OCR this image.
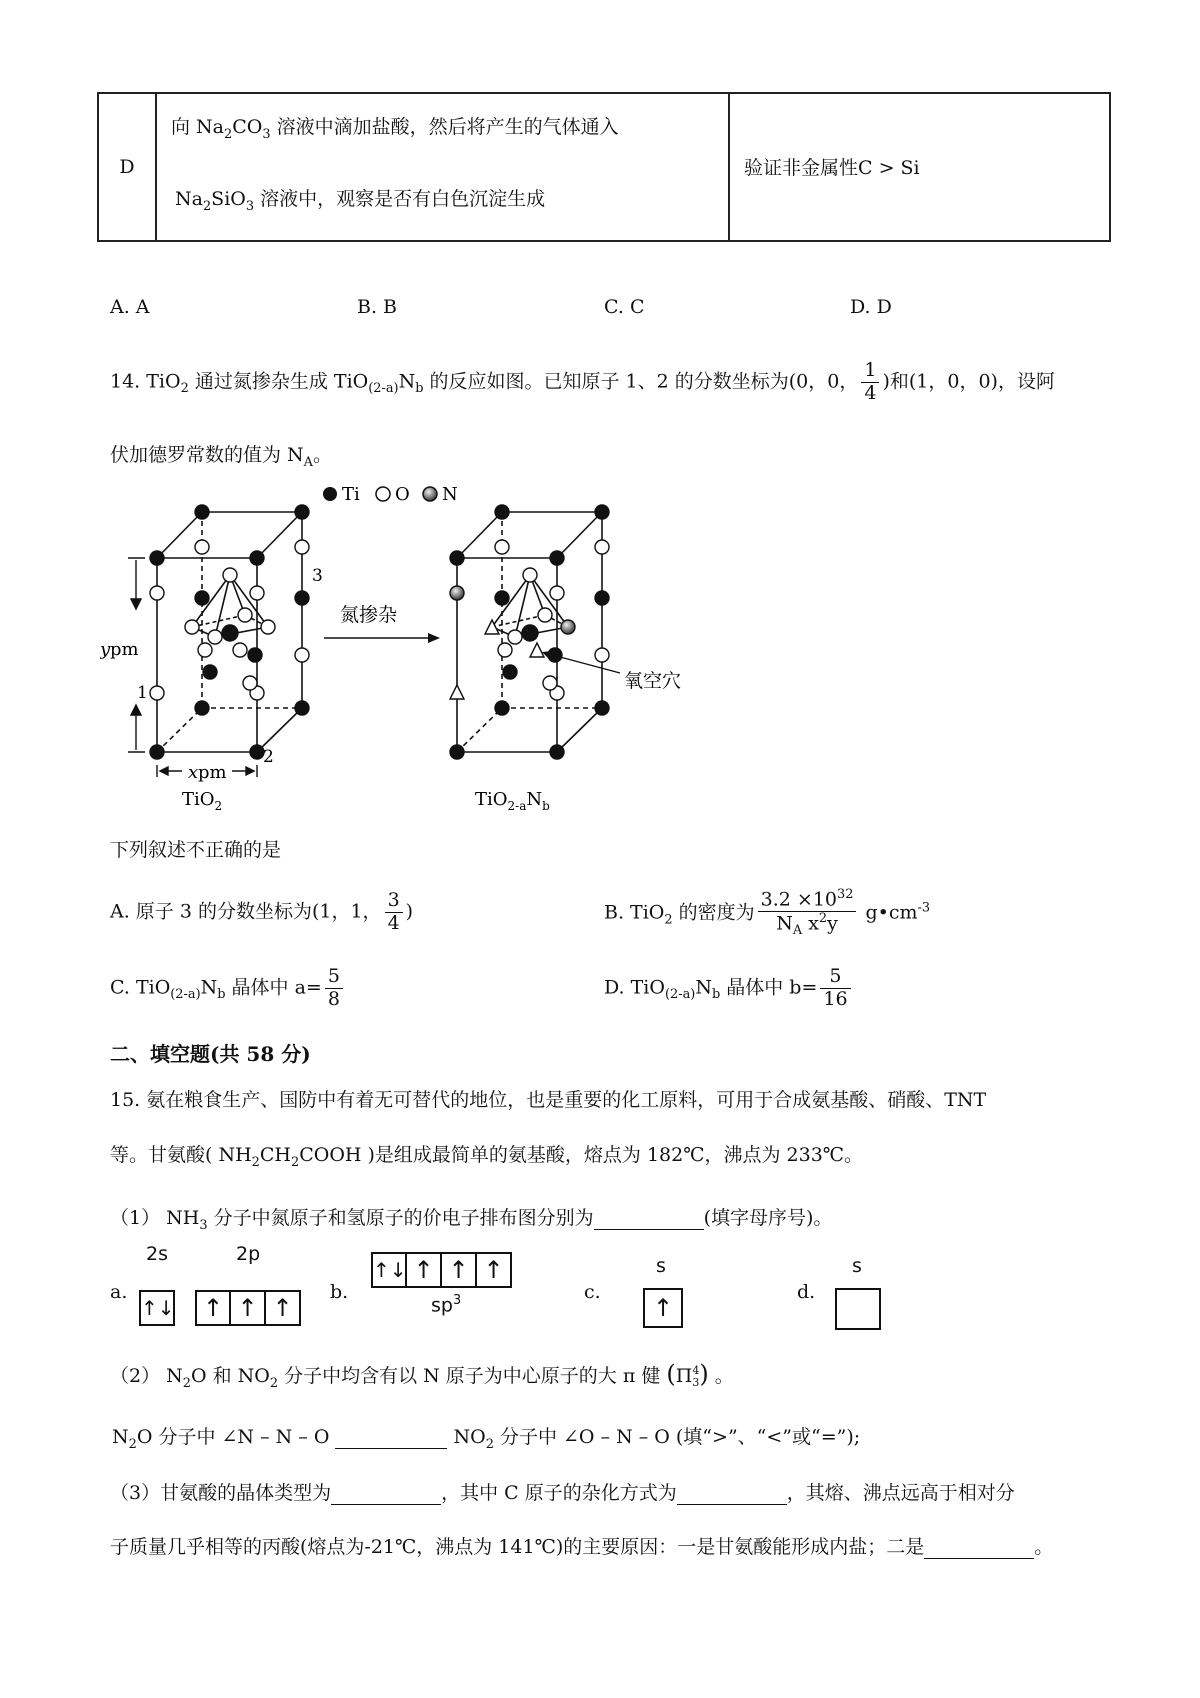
D	
向 $Na_2CO_3$ 溶液中滴加盐酸，然后将产生的气体通入
$Na_2SiO_3$ 溶液中，观察是否有白色沉淀生成
	验证非金属性C > Si
A. A	B. B	C. C	D. D
14. TiO$_2$ 通过氮掺杂生成 $TiO_{(2-a)}N_b$ 的反应如图。已知原子 1、2 的分数坐标为(0，0， $\frac{1}{4}$ )和(1，0，0)，设阿
伏加德罗常数的值为 $N_A$。
Ti O N
y pm
x pm
1
2
3
TiO$_2$
氮掺杂
氧空穴
$TiO_{2-a}N_b$
下列叙述不正确的是
A. 原子 3 的分数坐标为(1，1， $\frac{3}{4}$ )	B. TiO$_2$ 的密度为 $\frac{3.2 \times 10^{32}}{N_A x^2y}$ $g•cm^{-3}$
C. $TiO_{(2-a)}N_b$ 晶体中 $a= \frac{5}{8}$	D. $TiO_{(2-a)}N_b$ 晶体中 $b= \frac{5}{16}$
二、填空题(共 58 分)
15. 氨在粮食生产、国防中有着无可替代的地位，也是重要的化工原料，可用于合成氨基酸、硝酸、TNT
等。甘氨酸( $NH_2CH_2COOH$ )是组成最简单的氨基酸，熔点为 182℃，沸点为 233℃。
（1） $NH_3$ 分子中氮原子和氢原子的价电子排布图分别为	(填字母序号)。
a.
2s	2p
↑↓	↑ ↑ ↑
b.
↑↓ ↑ ↑ ↑
$sp^3$	c.
s
↑
d.
s
（2） $N_2O$ 和 $NO_2$ 分子中均含有以 N 原子为中心原子的大 π 健 (Π 4
3 ) 。
$N_2O$ 分子中 ∠N – N – O	$NO_2$ 分子中 ∠O – N – O (填“>”、“<”或“=”);
（3）甘氨酸的晶体类型为	，其中 C 原子的杂化方式为	，其熔、沸点远高于相对分
子质量几乎相等的丙酸(熔点为-21℃，沸点为 141℃)的主要原因：一是甘氨酸能形成内盐；二是	。
